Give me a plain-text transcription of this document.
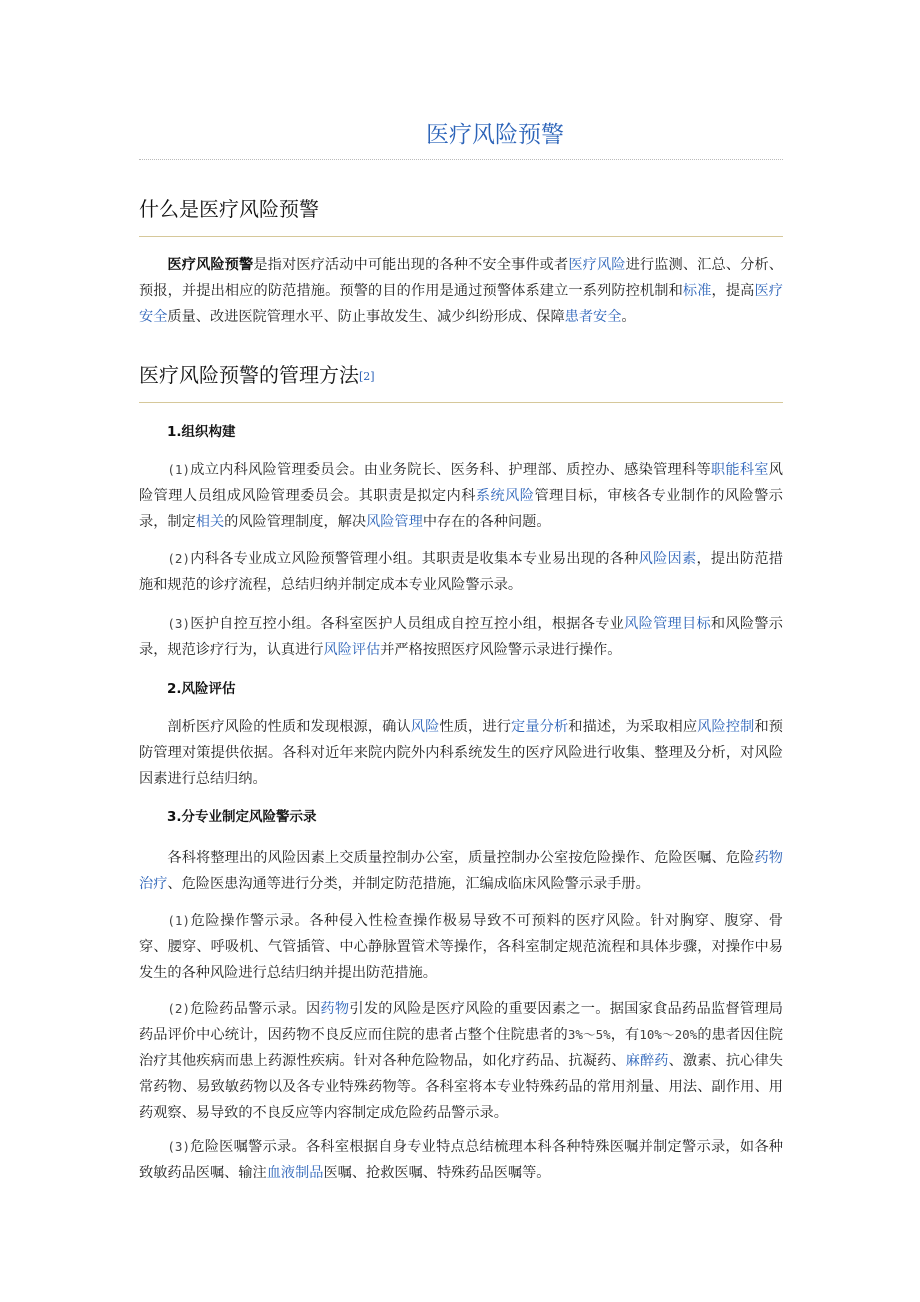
医疗风险预警
什么是医疗风险预警

医疗风险预警是指对医疗活动中可能出现的各种不安全事件或者医疗风险进行监测、汇总、分析、预报，并提出相应的防范措施。预警的目的作用是通过预警体系建立一系列防控机制和标准，提高医疗安全质量、改进医院管理水平、防止事故发生、减少纠纷形成、保障患者安全。

医疗风险预警的管理方法[2]

1.组织构建

(1)成立内科风险管理委员会。由业务院长、医务科、护理部、质控办、感染管理科等职能科室风险管理人员组成风险管理委员会。其职责是拟定内科系统风险管理目标，审核各专业制作的风险警示录，制定相关的风险管理制度，解决风险管理中存在的各种问题。

(2)内科各专业成立风险预警管理小组。其职责是收集本专业易出现的各种风险因素，提出防范措施和规范的诊疗流程，总结归纳并制定成本专业风险警示录。

(3)医护自控互控小组。各科室医护人员组成自控互控小组，根据各专业风险管理目标和风险警示录，规范诊疗行为，认真进行风险评估并严格按照医疗风险警示录进行操作。

2.风险评估

剖析医疗风险的性质和发现根源，确认风险性质，进行定量分析和描述，为采取相应风险控制和预防管理对策提供依据。各科对近年来院内院外内科系统发生的医疗风险进行收集、整理及分析，对风险因素进行总结归纳。

3.分专业制定风险警示录

各科将整理出的风险因素上交质量控制办公室，质量控制办公室按危险操作、危险医嘱、危险药物治疗、危险医患沟通等进行分类，并制定防范措施，汇编成临床风险警示录手册。

(1)危险操作警示录。各种侵入性检查操作极易导致不可预料的医疗风险。针对胸穿、腹穿、骨穿、腰穿、呼吸机、气管插管、中心静脉置管术等操作，各科室制定规范流程和具体步骤，对操作中易发生的各种风险进行总结归纳并提出防范措施。

(2)危险药品警示录。因药物引发的风险是医疗风险的重要因素之一。据国家食品药品监督管理局药品评价中心统计，因药物不良反应而住院的患者占整个住院患者的3%～5%，有10%～20%的患者因住院治疗其他疾病而患上药源性疾病。针对各种危险物品，如化疗药品、抗凝药、麻醉药、激素、抗心律失常药物、易致敏药物以及各专业特殊药物等。各科室将本专业特殊药品的常用剂量、用法、副作用、用药观察、易导致的不良反应等内容制定成危险药品警示录。

(3)危险医嘱警示录。各科室根据自身专业特点总结梳理本科各种特殊医嘱并制定警示录，如各种致敏药品医嘱、输注血液制品医嘱、抢救医嘱、特殊药品医嘱等。
